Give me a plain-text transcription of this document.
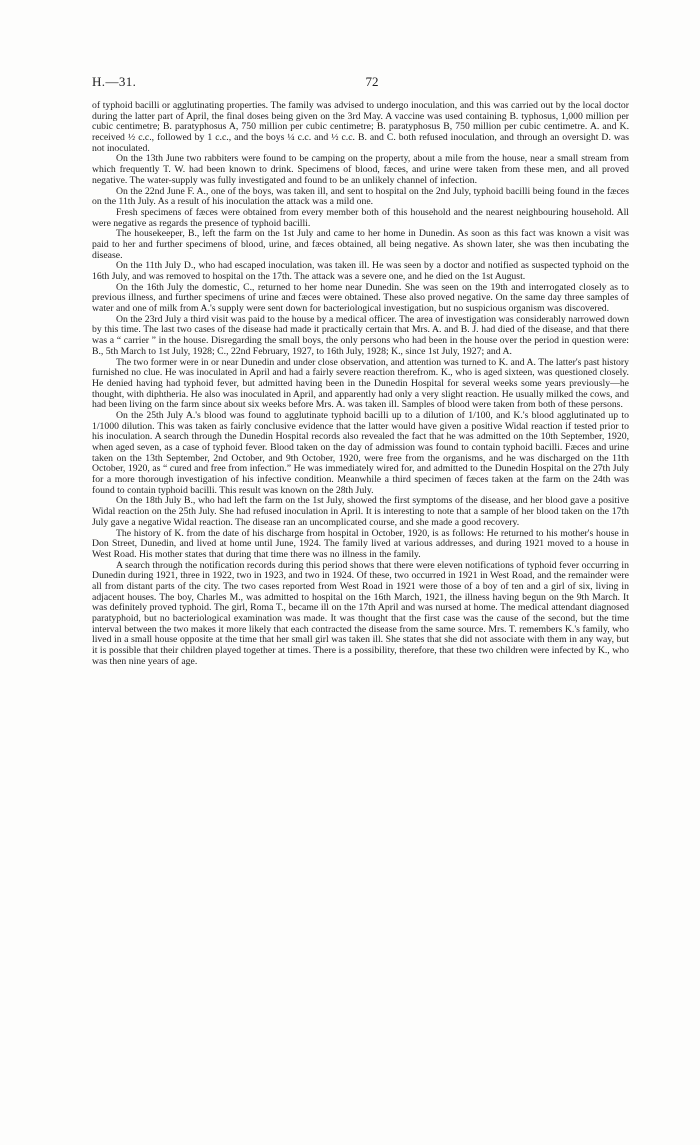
H.—31.	72

of typhoid bacilli or agglutinating properties. The family was advised to undergo inoculation, and this was carried out by the local doctor during the latter part of April, the final doses being given on the 3rd May. A vaccine was used containing B. typhosus, 1,000 million per cubic centimetre; B. paratyphosus A, 750 million per cubic centimetre; B. paratyphosus B, 750 million per cubic centimetre. A. and K. received ½ c.c., followed by 1 c.c., and the boys ¼ c.c. and ½ c.c. B. and C. both refused inoculation, and through an oversight D. was not inoculated.

On the 13th June two rabbiters were found to be camping on the property, about a mile from the house, near a small stream from which frequently T. W. had been known to drink. Specimens of blood, fæces, and urine were taken from these men, and all proved negative. The water-supply was fully investigated and found to be an unlikely channel of infection.

On the 22nd June F. A., one of the boys, was taken ill, and sent to hospital on the 2nd July, typhoid bacilli being found in the fæces on the 11th July. As a result of his inoculation the attack was a mild one.

Fresh specimens of fæces were obtained from every member both of this household and the nearest neighbouring household. All were negative as regards the presence of typhoid bacilli.

The housekeeper, B., left the farm on the 1st July and came to her home in Dunedin. As soon as this fact was known a visit was paid to her and further specimens of blood, urine, and fæces obtained, all being negative. As shown later, she was then incubating the disease.

On the 11th July D., who had escaped inoculation, was taken ill. He was seen by a doctor and notified as suspected typhoid on the 16th July, and was removed to hospital on the 17th. The attack was a severe one, and he died on the 1st August.

On the 16th July the domestic, C., returned to her home near Dunedin. She was seen on the 19th and interrogated closely as to previous illness, and further specimens of urine and fæces were obtained. These also proved negative. On the same day three samples of water and one of milk from A.'s supply were sent down for bacteriological investigation, but no suspicious organism was discovered.

On the 23rd July a third visit was paid to the house by a medical officer. The area of investigation was considerably narrowed down by this time. The last two cases of the disease had made it practically certain that Mrs. A. and B. J. had died of the disease, and that there was a “ carrier ” in the house. Disregarding the small boys, the only persons who had been in the house over the period in question were: B., 5th March to 1st July, 1928; C., 22nd February, 1927, to 16th July, 1928; K., since 1st July, 1927; and A.

The two former were in or near Dunedin and under close observation, and attention was turned to K. and A. The latter's past history furnished no clue. He was inoculated in April and had a fairly severe reaction therefrom. K., who is aged sixteen, was questioned closely. He denied having had typhoid fever, but admitted having been in the Dunedin Hospital for several weeks some years previously—he thought, with diphtheria. He also was inoculated in April, and apparently had only a very slight reaction. He usually milked the cows, and had been living on the farm since about six weeks before Mrs. A. was taken ill. Samples of blood were taken from both of these persons.

On the 25th July A.'s blood was found to agglutinate typhoid bacilli up to a dilution of 1/100, and K.'s blood agglutinated up to 1/1000 dilution. This was taken as fairly conclusive evidence that the latter would have given a positive Widal reaction if tested prior to his inoculation. A search through the Dunedin Hospital records also revealed the fact that he was admitted on the 10th September, 1920, when aged seven, as a case of typhoid fever. Blood taken on the day of admission was found to contain typhoid bacilli. Fæces and urine taken on the 13th September, 2nd October, and 9th October, 1920, were free from the organisms, and he was discharged on the 11th October, 1920, as “ cured and free from infection.” He was immediately wired for, and admitted to the Dunedin Hospital on the 27th July for a more thorough investigation of his infective condition. Meanwhile a third specimen of fæces taken at the farm on the 24th was found to contain typhoid bacilli. This result was known on the 28th July.

On the 18th July B., who had left the farm on the 1st July, showed the first symptoms of the disease, and her blood gave a positive Widal reaction on the 25th July. She had refused inoculation in April. It is interesting to note that a sample of her blood taken on the 17th July gave a negative Widal reaction. The disease ran an uncomplicated course, and she made a good recovery.

The history of K. from the date of his discharge from hospital in October, 1920, is as follows: He returned to his mother's house in Don Street, Dunedin, and lived at home until June, 1924. The family lived at various addresses, and during 1921 moved to a house in West Road. His mother states that during that time there was no illness in the family.

A search through the notification records during this period shows that there were eleven notifications of typhoid fever occurring in Dunedin during 1921, three in 1922, two in 1923, and two in 1924. Of these, two occurred in 1921 in West Road, and the remainder were all from distant parts of the city. The two cases reported from West Road in 1921 were those of a boy of ten and a girl of six, living in adjacent houses. The boy, Charles M., was admitted to hospital on the 16th March, 1921, the illness having begun on the 9th March. It was definitely proved typhoid. The girl, Roma T., became ill on the 17th April and was nursed at home. The medical attendant diagnosed paratyphoid, but no bacteriological examination was made. It was thought that the first case was the cause of the second, but the time interval between the two makes it more likely that each contracted the disease from the same source. Mrs. T. remembers K.'s family, who lived in a small house opposite at the time that her small girl was taken ill. She states that she did not associate with them in any way, but it is possible that their children played together at times. There is a possibility, therefore, that these two children were infected by K., who was then nine years of age.
